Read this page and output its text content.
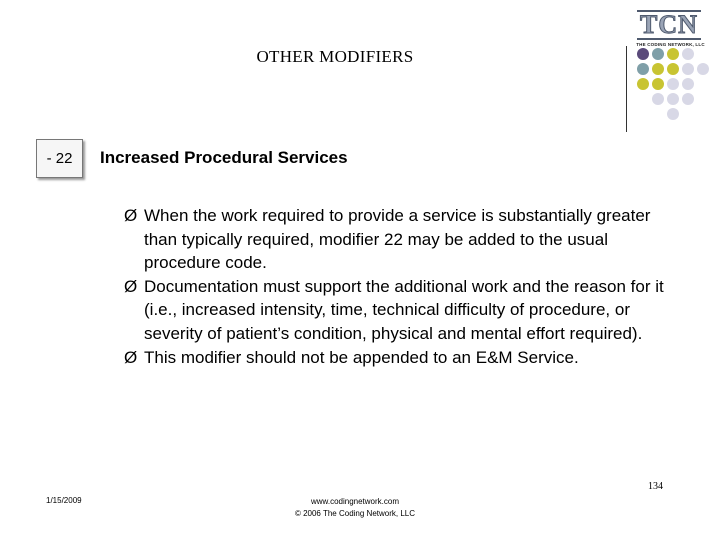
OTHER MODIFIERS
TCN
THE CODING NETWORK, LLC
- 22 Increased Procedural Services
Ø When the work required to provide a service is substantially greater than typically required, modifier 22 may be added to the usual procedure code.
Ø Documentation must support the additional work and the reason for it (i.e., increased intensity, time, technical difficulty of procedure, or severity of patient’s condition, physical and mental effort required).
Ø This modifier should not be appended to an E&M Service.
134
1/15/2009	www.codingnetwork.com
© 2006 The Coding Network, LLC
